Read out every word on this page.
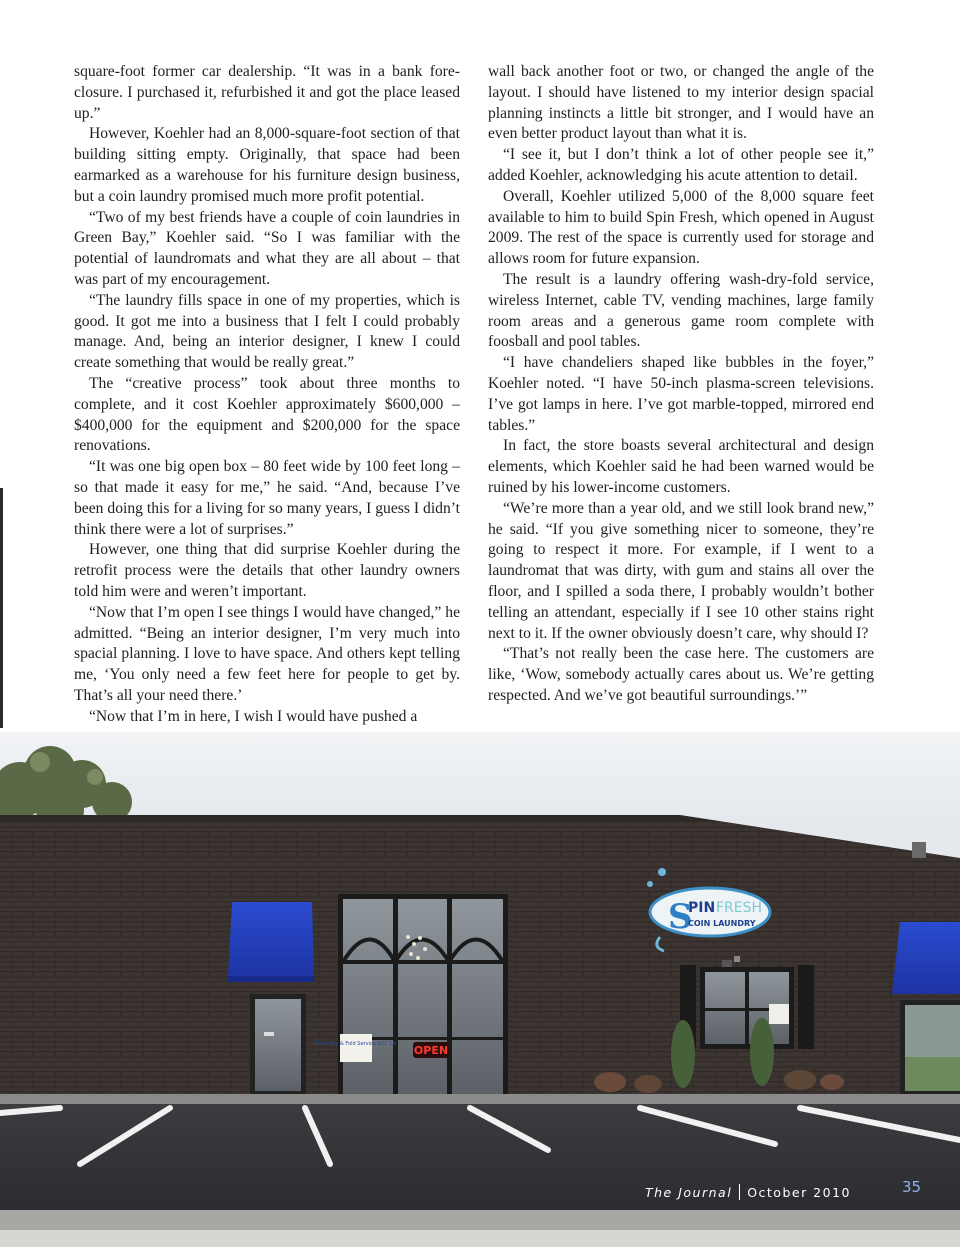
square-foot former car dealership. “It was in a bank fore-closure. I purchased it, refurbished it and got the place leased up.”

However, Koehler had an 8,000-square-foot section of that building sitting empty. Originally, that space had been earmarked as a warehouse for his furniture design business, but a coin laundry promised much more profit potential.

“Two of my best friends have a couple of coin laundries in Green Bay,” Koehler said. “So I was familiar with the potential of laundromats and what they are all about – that was part of my encouragement.

“The laundry fills space in one of my properties, which is good. It got me into a business that I felt I could probably manage. And, being an interior designer, I knew I could create something that would be really great.”

The “creative process” took about three months to complete, and it cost Koehler approximately $600,000 – $400,000 for the equipment and $200,000 for the space renovations.

“It was one big open box – 80 feet wide by 100 feet long – so that made it easy for me,” he said. “And, because I’ve been doing this for a living for so many years, I guess I didn’t think there were a lot of surprises.”

However, one thing that did surprise Koehler during the retrofit process were the details that other laundry owners told him were and weren’t important.

“Now that I’m open I see things I would have changed,” he admitted. “Being an interior designer, I’m very much into spacial planning. I love to have space. And others kept telling me, ‘You only need a few feet here for people to get by. That’s all your need there.’

“Now that I’m in here, I wish I would have pushed a

wall back another foot or two, or changed the angle of the layout. I should have listened to my interior design spacial planning instincts a little bit stronger, and I would have an even better product layout than what it is.

“I see it, but I don’t think a lot of other people see it,” added Koehler, acknowledging his acute attention to detail.

Overall, Koehler utilized 5,000 of the 8,000 square feet available to him to build Spin Fresh, which opened in August 2009. The rest of the space is currently used for storage and allows room for future expansion.

The result is a laundry offering wash-dry-fold service, wireless Internet, cable TV, vending machines, large family room areas and a generous game room complete with foosball and pool tables.

“I have chandeliers shaped like bubbles in the foyer,” Koehler noted. “I have 50-inch plasma-screen televisions. I’ve got lamps in here. I’ve got marble-topped, mirrored end tables.”

In fact, the store boasts several architectural and design elements, which Koehler said he had been warned would be ruined by his lower-income customers.

“We’re more than a year old, and we still look brand new,” he said. “If you give something nicer to someone, they’re going to respect it more. For example, if I went to a laundromat that was dirty, with gum and stains all over the floor, and I spilled a soda there, I probably wouldn’t bother telling an attendant, especially if I see 10 other stains right next to it. If the owner obviously doesn’t care, why should I?

“That’s not really been the case here. The customers are like, ‘Wow, somebody actually cares about us. We’re getting respected. And we’ve got beautiful surroundings.’”

Wash-Dry & Fold Service BOC LN. OPEN
S
PIN FRESH
COIN LAUNDRY
The Journal October 2010	35
